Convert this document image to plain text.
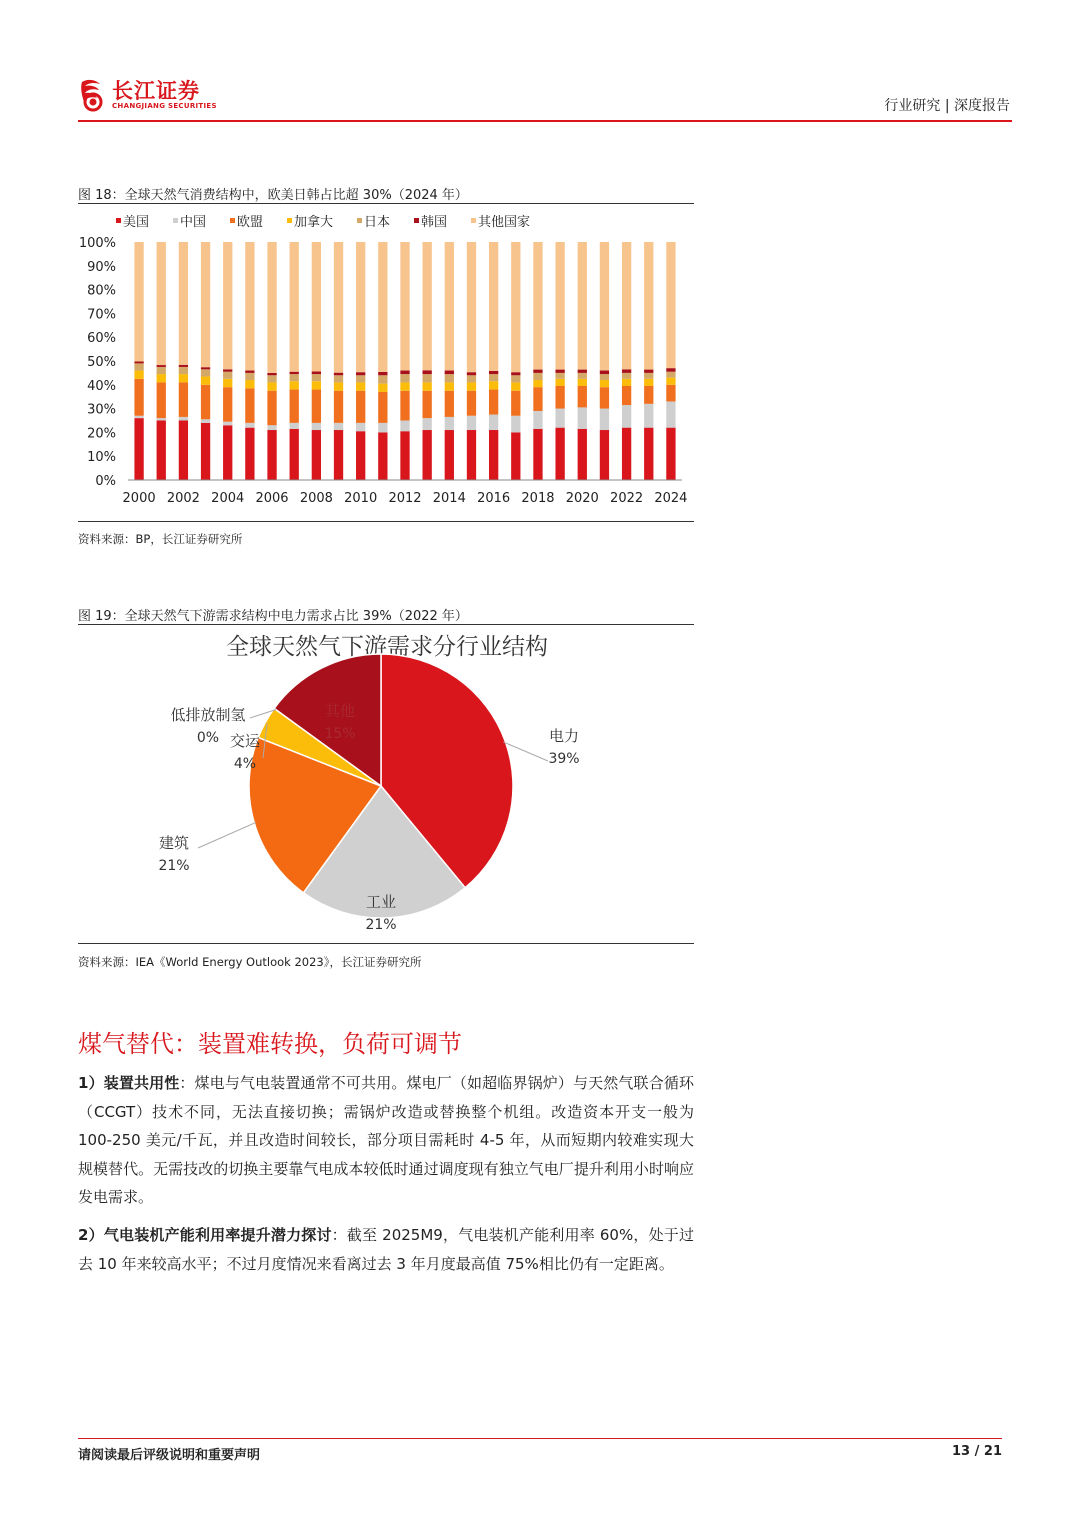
长江证券
CHANGJIANG SECURITIES	行业研究 | 深度报告
图 18：全球天然气消费结构中，欧美日韩占比超 30%（2024 年）
美国 中国 欧盟 加拿大 日本 韩国 其他国家
0%
10%
20%
30%
40%
50%
60%
70%
80%
90%
100%
2000 2002 2004 2006 2008 2010 2012 2014 2016 2018 2020 2022 2024
资料来源：BP，长江证券研究所
图 19：全球天然气下游需求结构中电力需求占比 39%（2022 年）
全球天然气下游需求分行业结构
电力
39%
工业
21%
建筑
21%
交运
4%
低排放制氢
0%
其他
15%
资料来源：IEA《World Energy Outlook 2023》，长江证券研究所
煤气替代：装置难转换，负荷可调节
1）装置共用性：煤电与气电装置通常不可共用。煤电厂（如超临界锅炉）与天然气联合循环（CCGT）技术不同，无法直接切换；需锅炉改造或替换整个机组。改造资本开支一般为 100-250 美元/千瓦，并且改造时间较长，部分项目需耗时 4-5 年，从而短期内较难实现大规模替代。无需技改的切换主要靠气电成本较低时通过调度现有独立气电厂提升利用小时响应发电需求。
2）气电装机产能利用率提升潜力探讨：截至 2025M9，气电装机产能利用率 60%，处于过去 10 年来较高水平；不过月度情况来看离过去 3 年月度最高值 75%相比仍有一定距离。
请阅读最后评级说明和重要声明	13 / 21
